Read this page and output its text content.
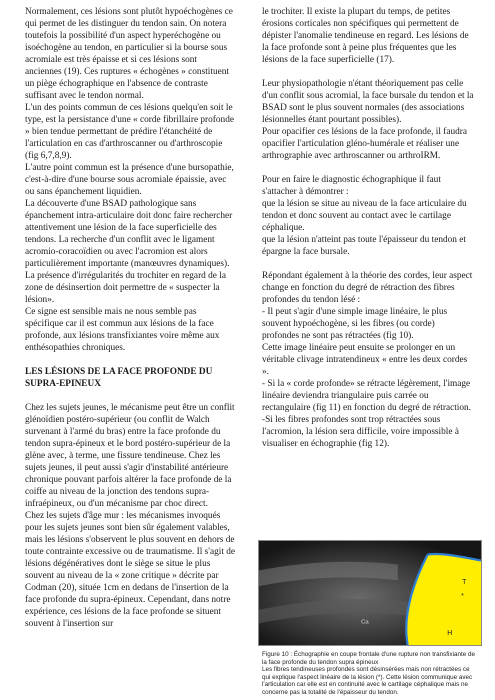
Normalement, ces lésions sont plutôt hypoéchogènes ce qui permet de les distinguer du tendon sain. On notera toutefois la possibilité d'un aspect hyperéchogène ou isoéchogène au tendon, en particulier si la bourse sous acromiale est très épaisse et si ces lésions sont anciennes (19). Ces ruptures « échogènes » constituent un piège échographique en l'absence de contraste suffisant avec le tendon normal.

L'un des points commun de ces lésions quelqu'en soit le type, est la persistance d'une « corde fibrillaire profonde » bien tendue permettant de prédire l'étanchéité de l'articulation en cas d'arthroscanner ou d'arthroscopie (fig 6,7,8,9).

L'autre point commun est la présence d'une bursopathie, c'est-à-dire d'une bourse sous acromiale épaissie, avec ou sans épanchement liquidien.

La découverte d'une BSAD pathologique sans épanchement intra-articulaire doit donc faire rechercher attentivement une lésion de la face superficielle des tendons. La recherche d'un conflit avec le ligament acromio-coracoïdien ou avec l'acromion est alors particulièrement importante (manœuvres dynamiques).

La présence d'irrégularités du trochiter en regard de la zone de désinsertion doit permettre de « suspecter la lésion».

Ce signe est sensible mais ne nous semble pas spécifique car il est commun aux lésions de la face profonde, aux lésions transfixiantes voire même aux enthésopathies chroniques.

LES LÉSIONS DE LA FACE PROFONDE DU SUPRA-EPINEUX

Chez les sujets jeunes, le mécanisme peut être un conflit glénoïdien postéro-supérieur (ou conflit de Walch survenant à l'armé du bras) entre la face profonde du tendon supra-épineux et le bord postéro-supérieur de la glène avec, à terme, une fissure tendineuse. Chez les sujets jeunes, il peut aussi s'agir d'instabilité antérieure chronique pouvant parfois altérer la face profonde de la coiffe au niveau de la jonction des tendons supra-infraépineux, ou d'un mécanisme par choc direct.

Chez les sujets d'âge mur : les mécanismes invoqués pour les sujets jeunes sont bien sûr également valables, mais les lésions s'observent le plus souvent en dehors de toute contrainte excessive ou de traumatisme. Il s'agit de lésions dégénératives dont le siège se situe le plus souvent au niveau de la « zone critique » décrite par Codman (20), située 1cm en dedans de l'insertion de la face profonde du supra-épineux. Cependant, dans notre expérience, ces lésions de la face profonde se situent souvent à l'insertion sur

le trochiter. Il existe la plupart du temps, de petites érosions corticales non spécifiques qui permettent de dépister l'anomalie tendineuse en regard. Les lésions de la face profonde sont à peine plus fréquentes que les lésions de la face superficielle (17).

Leur physiopathologie n'étant théoriquement pas celle d'un conflit sous acromial, la face bursale du tendon et la BSAD sont le plus souvent normales (des associations lésionnelles étant pourtant possibles).

Pour opacifier ces lésions de la face profonde, il faudra opacifier l'articulation gléno-humérale et réaliser une arthrographie avec arthroscanner ou arthroIRM.

Pour en faire le diagnostic échographique il faut s'attacher à démontrer :

que la lésion se situe au niveau de la face articulaire du tendon et donc souvent au contact avec le cartilage céphalique.

que la lésion n'atteint pas toute l'épaisseur du tendon et épargne la face bursale.

Répondant également à la théorie des cordes, leur aspect change en fonction du degré de rétraction des fibres profondes du tendon lésé :

- Il peut s'agir d'une simple image linéaire, le plus souvent hypoéchogène, si les fibres (ou corde) profondes ne sont pas rétractées (fig 10).

Cette image linéaire peut ensuite se prolonger en un véritable clivage intratendineux « entre les deux cordes ».

- Si la « corde profonde» se rétracte légèrement, l'image linéaire deviendra triangulaire puis carrée ou rectangulaire (fig 11) en fonction du degré de rétraction.

-Si les fibres profondes sont trop rétractées sous l'acromion, la lésion sera difficile, voire impossible à visualiser en échographie (fig 12).

T
*
Ca
H

Figure 10 : Échographie en coupe frontale d'une rupture non transfixiante de la face profonde du tendon supra épineux

Les fibres tendineuses profondes sont désinsérées mais non rétractées ce qui explique l'aspect linéaire de la lésion (*). Cette lésion communique avec l'articulation car elle est en continuité avec le cartilage céphalique mais ne concerne pas la totalité de l'épaisseur du tendon.
